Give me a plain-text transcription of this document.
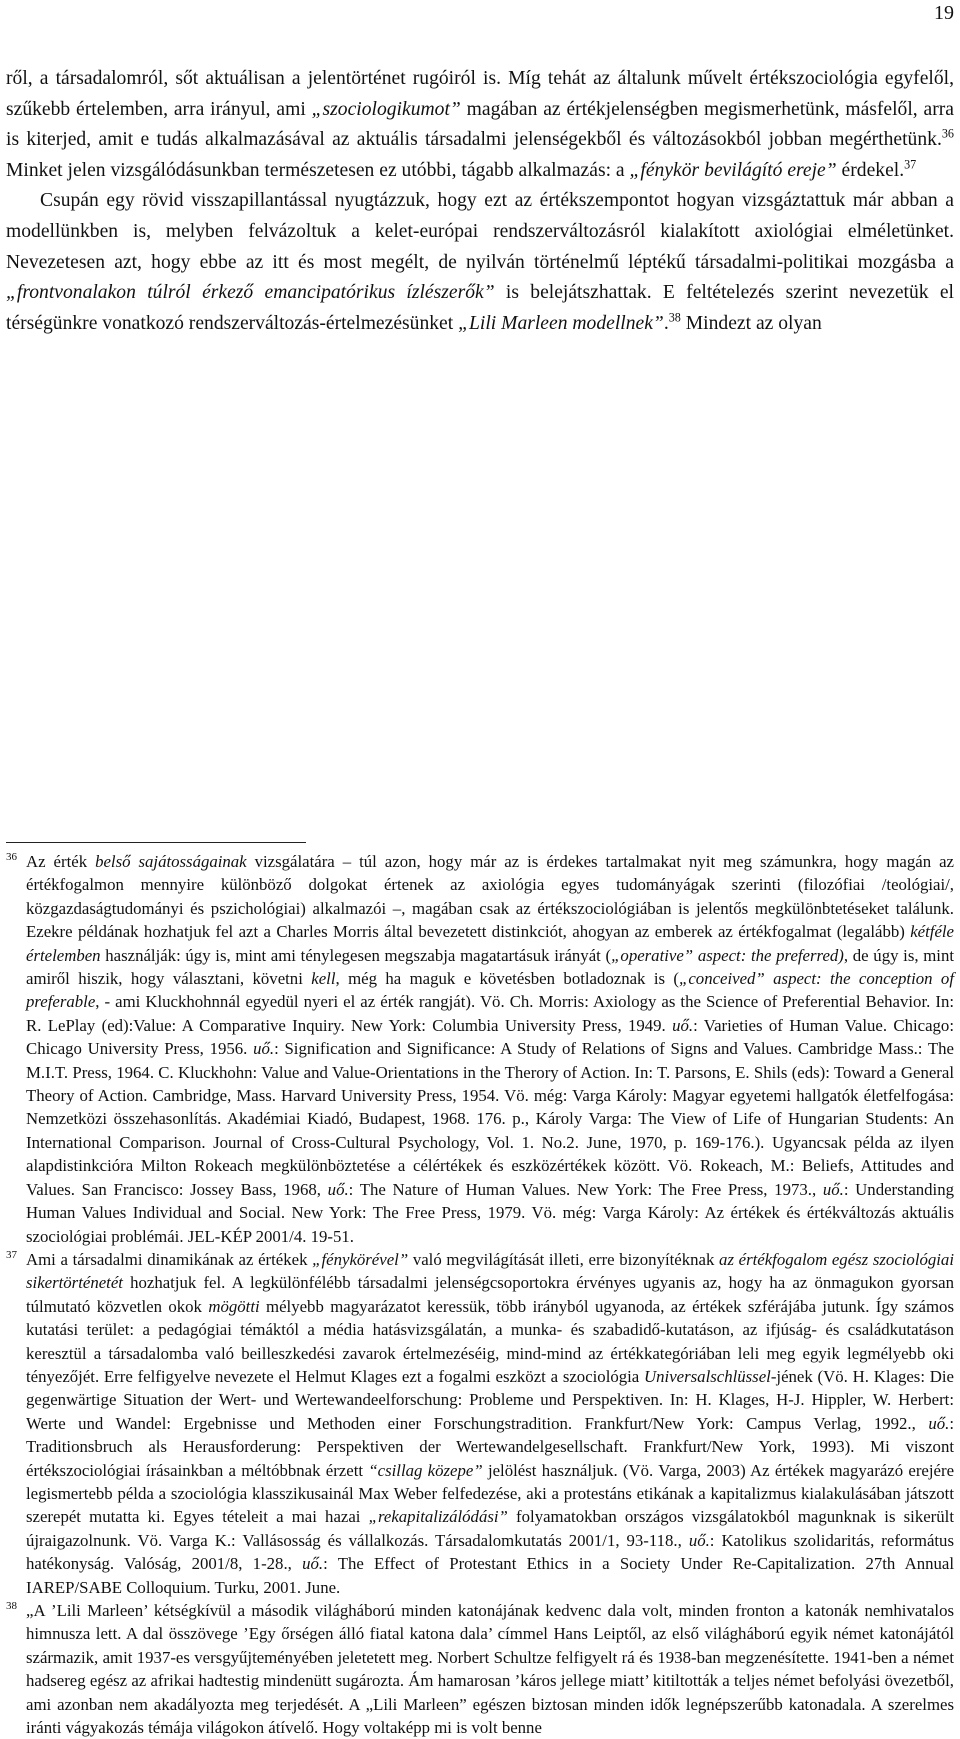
19

ről, a társadalomról, sőt aktuálisan a jelentörténet rugóiról is. Míg tehát az általunk művelt értékszociológia egyfelől, szűkebb értelemben, arra irányul, ami „szociologikumot” magában az értékjelenségben megismerhetünk, másfelől, arra is kiterjed, amit e tudás alkalmazásával az aktuális társadalmi jelenségekből és változásokból jobban megérthetünk.$^{36}$ Minket jelen vizsgálódásunkban természetesen ez utóbbi, tágabb alkalmazás: a „fénykör bevilágító ereje” érdekel.$^{37}$

Csupán egy rövid visszapillantással nyugtázzuk, hogy ezt az értékszempontot hogyan vizsgáztattuk már abban a modellünkben is, melyben felvázoltuk a kelet-európai rendszerváltozásról kialakított axiológiai elméletünket. Nevezetesen azt, hogy ebbe az itt és most megélt, de nyilván történelmű léptékű társadalmi-politikai mozgásba a „frontvonalakon túlról érkező emancipatórikus ízlészerők” is belejátszhattak. E feltételezés szerint nevezetük el térségünkre vonatkozó rendszerváltozás-értelmezésünket „Lili Marleen modellnek”.$^{38}$ Mindezt az olyan

36 Az érték belső sajátosságainak vizsgálatára – túl azon, hogy már az is érdekes tartalmakat nyit meg számunkra, hogy magán az értékfogalmon mennyire különböző dolgokat értenek az axiológia egyes tudományágak szerinti (filozófiai /teológiai/, közgazdaságtudományi és pszichológiai) alkalmazói –, magában csak az értékszociológiában is jelentős megkülönbtetéseket találunk. Ezekre példának hozhatjuk fel azt a Charles Morris által bevezetett distinkciót, ahogyan az emberek az értékfogalmat (legalább) kétféle értelemben használják: úgy is, mint ami ténylegesen megszabja magatartásuk irányát („operative” aspect: the preferred), de úgy is, mint amiről hiszik, hogy választani, követni kell, még ha maguk e követésben botladoznak is („conceived” aspect: the conception of preferable, - ami Kluckhohnnál egyedül nyeri el az érték rangját). Vö. Ch. Morris: Axiology as the Science of Preferential Behavior. In: R. LePlay (ed):Value: A Comparative Inquiry. New York: Columbia University Press, 1949. uő.: Varieties of Human Value. Chicago: Chicago University Press, 1956. uő.: Signification and Significance: A Study of Relations of Signs and Values. Cambridge Mass.: The M.I.T. Press, 1964. C. Kluckhohn: Value and Value-Orientations in the Therory of Action. In: T. Parsons, E. Shils (eds): Toward a General Theory of Action. Cambridge, Mass. Harvard University Press, 1954. Vö. még: Varga Károly: Magyar egyetemi hallgatók életfelfogása: Nemzetközi összehasonlítás. Akadémiai Kiadó, Budapest, 1968. 176. p., Károly Varga: The View of Life of Hungarian Students: An International Comparison. Journal of Cross-Cultural Psychology, Vol. 1. No.2. June, 1970, p. 169-176.). Ugyancsak példa az ilyen alapdistinkcióra Milton Rokeach megkülönböztetése a célértékek és eszközértékek között. Vö. Rokeach, M.: Beliefs, Attitudes and Values. San Francisco: Jossey Bass, 1968, uő.: The Nature of Human Values. New York: The Free Press, 1973., uő.: Understanding Human Values Individual and Social. New York: The Free Press, 1979. Vö. még: Varga Károly: Az értékek és értékváltozás aktuális szociológiai problémái. JEL-KÉP 2001/4. 19-51.

37 Ami a társadalmi dinamikának az értékek „fénykörével” való megvilágítását illeti, erre bizonyítéknak az értékfogalom egész szociológiai sikertörténetét hozhatjuk fel. A legkülönfélébb társadalmi jelenségcsoportokra érvényes ugyanis az, hogy ha az önmagukon gyorsan túlmutató közvetlen okok mögötti mélyebb magyarázatot keressük, több irányból ugyanoda, az értékek szférájába jutunk. Így számos kutatási terület: a pedagógiai témáktól a média hatásvizsgálatán, a munka- és szabadidő-kutatáson, az ifjúság- és családkutatáson keresztül a társadalomba való beilleszkedési zavarok értelmezéséig, mind-mind az értékkategóriában leli meg egyik legmélyebb oki tényezőjét. Erre felfigyelve nevezete el Helmut Klages ezt a fogalmi eszközt a szociológia Universalschlüssel-jének (Vö. H. Klages: Die gegenwärtige Situation der Wert- und Wertewandeelforschung: Probleme und Perspektiven. In: H. Klages, H-J. Hippler, W. Herbert: Werte und Wandel: Ergebnisse und Methoden einer Forschungstradition. Frankfurt/New York: Campus Verlag, 1992., uő.: Traditionsbruch als Herausforderung: Perspektiven der Wertewandelgesellschaft. Frankfurt/New York, 1993). Mi viszont értékszociológiai írásainkban a méltóbbnak érzett “csillag közepe” jelölést használjuk. (Vö. Varga, 2003) Az értékek magyarázó erejére legismertebb példa a szociológia klasszikusainál Max Weber felfedezése, aki a protestáns etikának a kapitalizmus kialakulásában játszott szerepét mutatta ki. Egyes tételeit a mai hazai „rekapitalizálódási” folyamatokban országos vizsgálatokból magunknak is sikerült újraigazolnunk. Vö. Varga K.: Vallásosság és vállalkozás. Társadalomkutatás 2001/1, 93-118., uő.: Katolikus szolidaritás, református hatékonyság. Valóság, 2001/8, 1-28., uő.: The Effect of Protestant Ethics in a Society Under Re-Capitalization. 27th Annual IAREP/SABE Colloquium. Turku, 2001. June.

38 „A ’Lili Marleen’ kétségkívül a második világháború minden katonájának kedvenc dala volt, minden fronton a katonák nemhivatalos himnusza lett. A dal összövege ’Egy őrségen álló fiatal katona dala’ címmel Hans Leiptől, az első világháború egyik német katonájától származik, amit 1937-es versgyűjteményében jeletetett meg. Norbert Schultze felfigyelt rá és 1938-ban megzenésítette. 1941-ben a német hadsereg egész az afrikai hadtestig mindenütt sugározta. Ám hamarosan ’káros jellege miatt’ kitiltották a teljes német befolyási övezetből, ami azonban nem akadályozta meg terjedését. A „Lili Marleen” egészen biztosan minden idők legnépszerűbb katonadala. A szerelmes iránti vágyakozás témája világokon átívelő. Hogy voltaképp mi is volt benne
